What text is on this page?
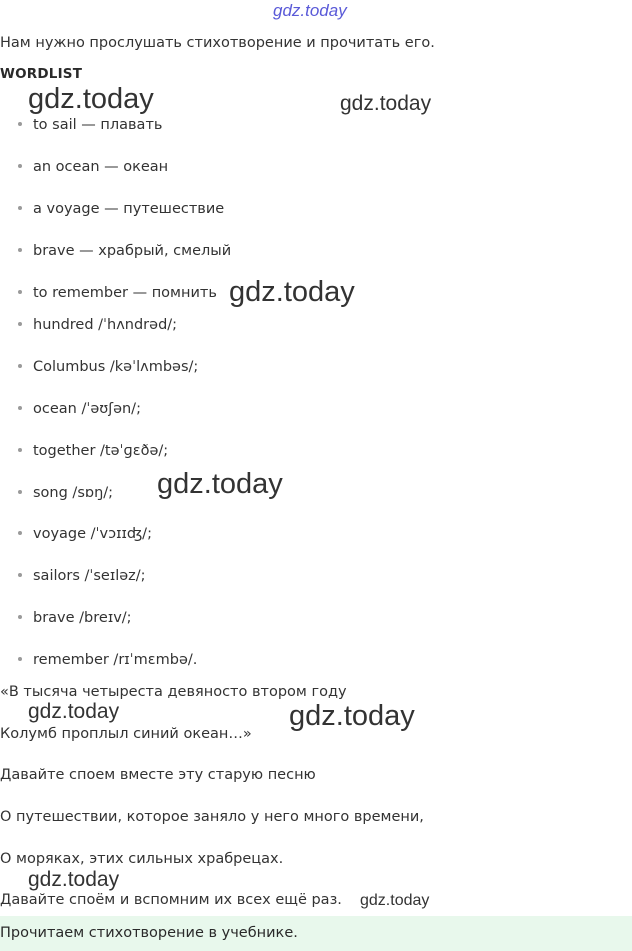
gdz.today
Нам нужно прослушать стихотворение и прочитать его.
WORDLIST
gdz.today	gdz.today
to sail — плавать
an ocean — океан
a voyage — путешествие
brave — храбрый, смелый
to remember — помнить
hundred /ˈhʌndrəd/;
Columbus /kəˈlʌmbəs/;
ocean /ˈəʊʃən/;
together /təˈɡɛðə/;
song /sɒŋ/;
voyage /ˈvɔɪɪʤ/;
sailors /ˈseɪləz/;
brave /breɪv/;
remember /rɪˈmɛmbə/.
gdz.today
gdz.today
«В тысяча четыреста девяносто втором году
gdz.today	gdz.today
Колумб проплыл синий океан…»
Давайте споем вместе эту старую песню
О путешествии, которое заняло у него много времени,
О моряках, этих сильных храбрецах.
gdz.today
Давайте споём и вспомним их всех ещё раз. gdz.today
Прочитаем стихотворение в учебнике.
